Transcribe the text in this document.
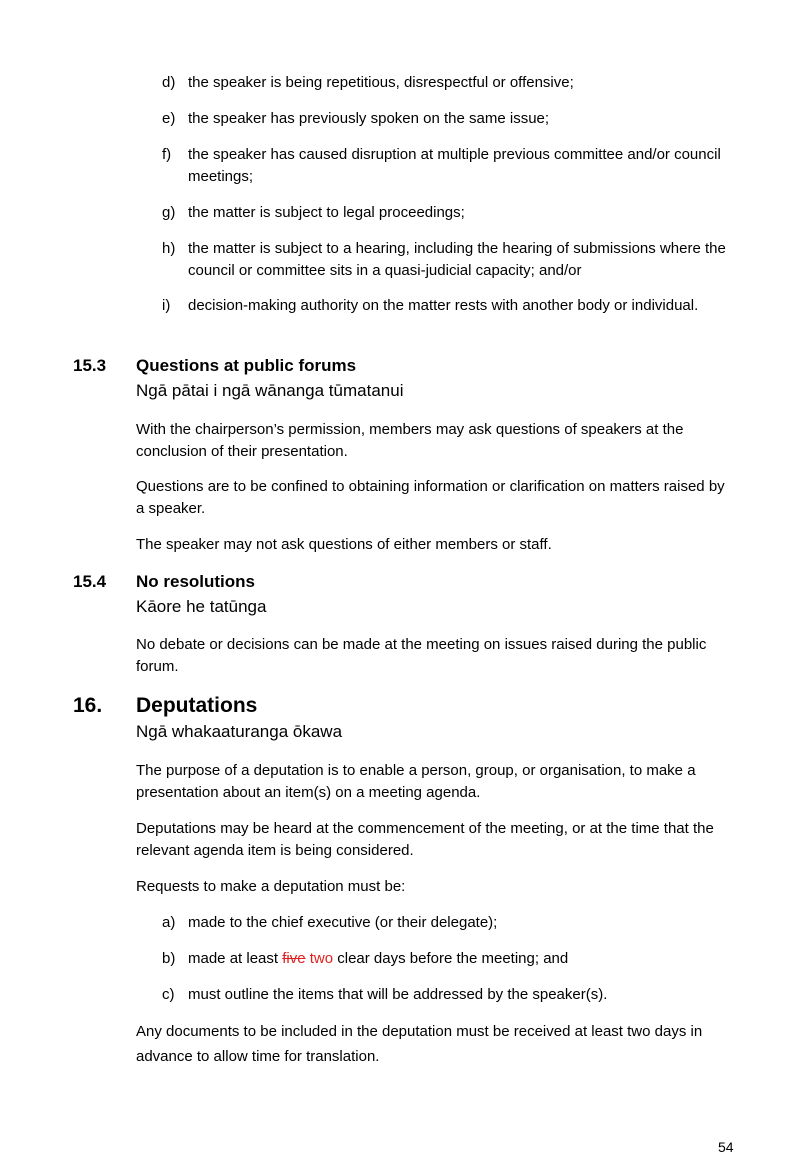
d) the speaker is being repetitious, disrespectful or offensive;
e) the speaker has previously spoken on the same issue;
f)	the speaker has caused disruption at multiple previous committee and/or council meetings;
g) the matter is subject to legal proceedings;
h) the matter is subject to a hearing, including the hearing of submissions where the council or committee sits in a quasi-judicial capacity; and/or
i)	decision-making authority on the matter rests with another body or individual.
15.3 Questions at public forums
Ngā pātai i ngā wānanga tūmatanui
With the chairperson’s permission, members may ask questions of speakers at the conclusion of their presentation.
Questions are to be confined to obtaining information or clarification on matters raised by a speaker.
The speaker may not ask questions of either members or staff.
15.4 No resolutions
Kāore he tatūnga
No debate or decisions can be made at the meeting on issues raised during the public forum.
16. Deputations
Ngā whakaaturanga ōkawa
The purpose of a deputation is to enable a person, group, or organisation, to make a presentation about an item(s) on a meeting agenda.
Deputations may be heard at the commencement of the meeting, or at the time that the relevant agenda item is being considered.
Requests to make a deputation must be:
a) made to the chief executive (or their delegate);
b) made at least five two clear days before the meeting; and
c) must outline the items that will be addressed by the speaker(s).
Any documents to be included in the deputation must be received at least two days in advance to allow time for translation.
54
